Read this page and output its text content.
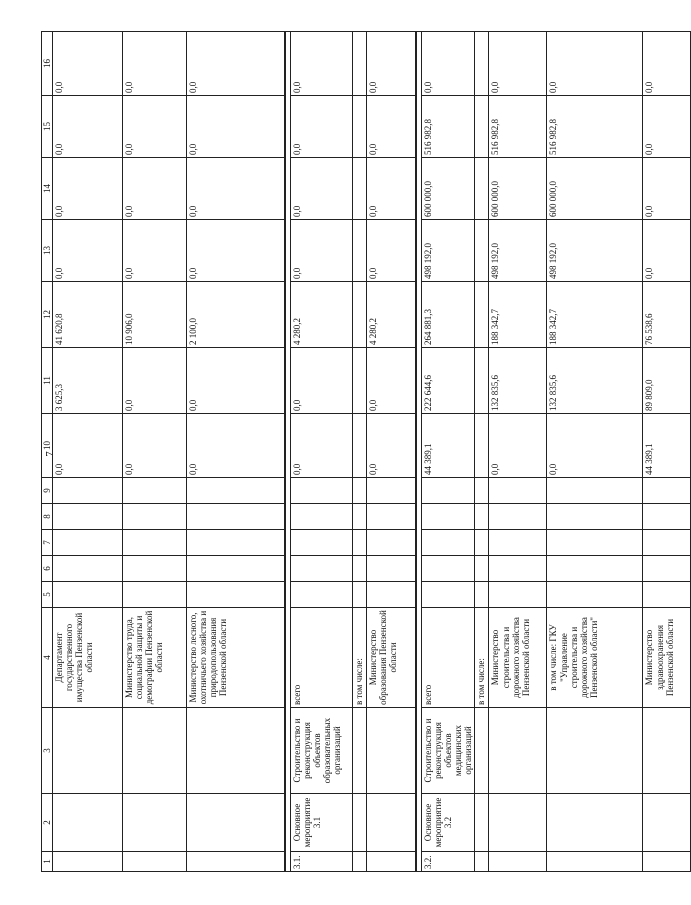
7
1	2	3	4	5	6	7	8	9	10	11	12	13	14	15	16
			Департамент государственного имущества Пензенской области						0,0	3 625,3	41 620,8	0,0	0,0	0,0	0,0
			Министерство труда, социальной защиты и демографии Пензенской области						0,0	0,0	10 906,0	0,0	0,0	0,0	0,0
			Министерство лесного, охотничьего хозяйства и природопользования Пензенской области						0,0	0,0	2 100,0	0,0	0,0	0,0	0,0

3.1.	Основное мероприятие 3.1	Строительство и реконструкция объектов образовательных организаций	всего						0,0	0,0	4 280,2	0,0	0,0	0,0	0,0
			в том числе:												
			Министерство образования Пензенской области						0,0	0,0	4 280,2	0,0	0,0	0,0	0,0

3.2.	Основное мероприятие 3.2	Строительство и реконструкция объектов медицинских организаций	всего						44 389,1	222 644,6	264 881,3	498 192,0	600 000,0	516 982,8	0,0
			в том числе:												
			Министерство строительства и дорожного хозяйства Пензенской области						0,0	132 835,6	188 342,7	498 192,0	600 000,0	516 982,8	0,0
			в том числе: ГКУ "Управление строительства и дорожного хозяйства Пензенской области"						0,0	132 835,6	188 342,7	498 192,0	600 000,0	516 982,8	0,0
			Министерство здравоохранения Пензенской области						44 389,1	89 809,0	76 538,6	0,0	0,0	0,0	0,0
